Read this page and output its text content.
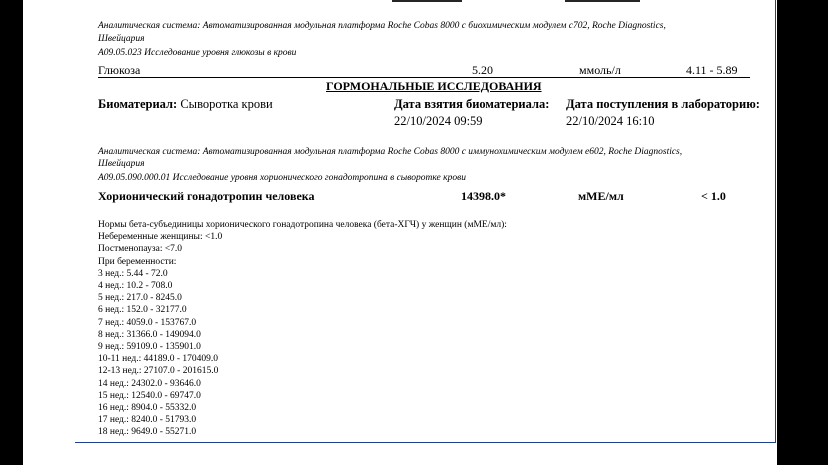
Аналитическая система: Автоматизированная модульная платформа Roche Cobas 8000 с биохимическим модулем c702, Roche Diagnostics,
Швейцария
A09.05.023 Исследование уровня глюкозы в крови
Глюкоза	5.20	ммоль/л	4.11 - 5.89
ГОРМОНАЛЬНЫЕ ИССЛЕДОВАНИЯ
Биоматериал: Сыворотка крови	Дата взятия биоматериала:
22/10/2024 09:59
Дата поступления в лабораторию:
22/10/2024 16:10
Аналитическая система: Автоматизированная модульная платформа Roche Cobas 8000 с иммунохимическим модулем e602, Roche Diagnostics,
Швейцария
A09.05.090.000.01 Исследование уровня хорионического гонадотропина в сыворотке крови
Хорионический гонадотропин человека	14398.0*	мМЕ/мл	< 1.0
Нормы бета-субъединицы хорионического гонадотропина человека (бета-ХГЧ) у женщин (мМЕ/мл):
Небеременные женщины: <1.0
Постменопауза: <7.0
При беременности:
3 нед.: 5.44 - 72.0
4 нед.: 10.2 - 708.0
5 нед.: 217.0 - 8245.0
6 нед.: 152.0 - 32177.0
7 нед.: 4059.0 - 153767.0
8 нед.: 31366.0 - 149094.0
9 нед.: 59109.0 - 135901.0
10-11 нед.: 44189.0 - 170409.0
12-13 нед.: 27107.0 - 201615.0
14 нед.: 24302.0 - 93646.0
15 нед.: 12540.0 - 69747.0
16 нед.: 8904.0 - 55332.0
17 нед.: 8240.0 - 51793.0
18 нед.: 9649.0 - 55271.0
